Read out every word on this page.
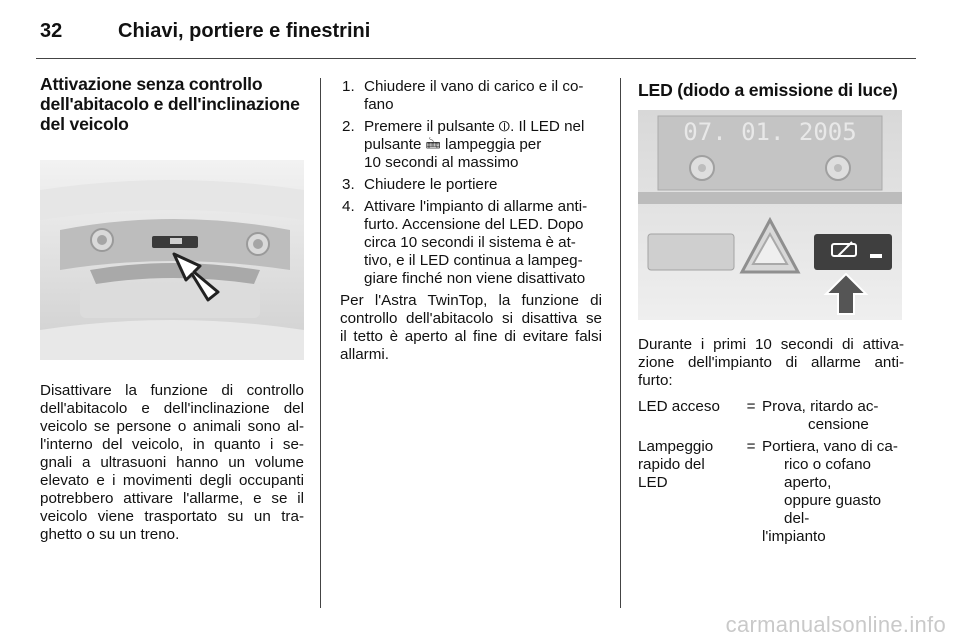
32	Chiavi, portiere e finestrini
Attivazione senza controllo
dell'abitacolo e dell'inclinazione
del veicolo

Disattivare la funzione di controllo
dell'abitacolo e dell'inclinazione del
veicolo se persone o animali sono al-
l'interno del veicolo, in quanto i se-
gnali a ultrasuoni hanno un volume
elevato e i movimenti degli occupanti
potrebbero attivare l'allarme, e se il
veicolo viene trasportato su un tra-
ghetto o su un treno.

1. Chiudere il vano di carico e il co-
fano
2. Premere il pulsante ⦶. Il LED nel
pulsante 🖮 lampeggia per
10 secondi al massimo
3. Chiudere le portiere
4. Attivare l'impianto di allarme anti-
furto. Accensione del LED. Dopo
circa 10 secondi il sistema è at-
tivo, e il LED continua a lampeg-
giare finché non viene disattivato

Per l'Astra TwinTop, la funzione di
controllo dell'abitacolo si disattiva se
il tetto è aperto al fine di evitare falsi
allarmi.

LED (diodo a emissione di luce)
07. 01. 2005

Durante i primi 10 secondi di attiva-
zione dell'impianto di allarme anti-
furto:

LED acceso	=	Prova, ritardo ac-
censione

Lampeggio
rapido del
LED	=	Portiera, vano di ca-
rico o cofano aperto,
oppure guasto del-
l'impianto
carmanualsonline.info
